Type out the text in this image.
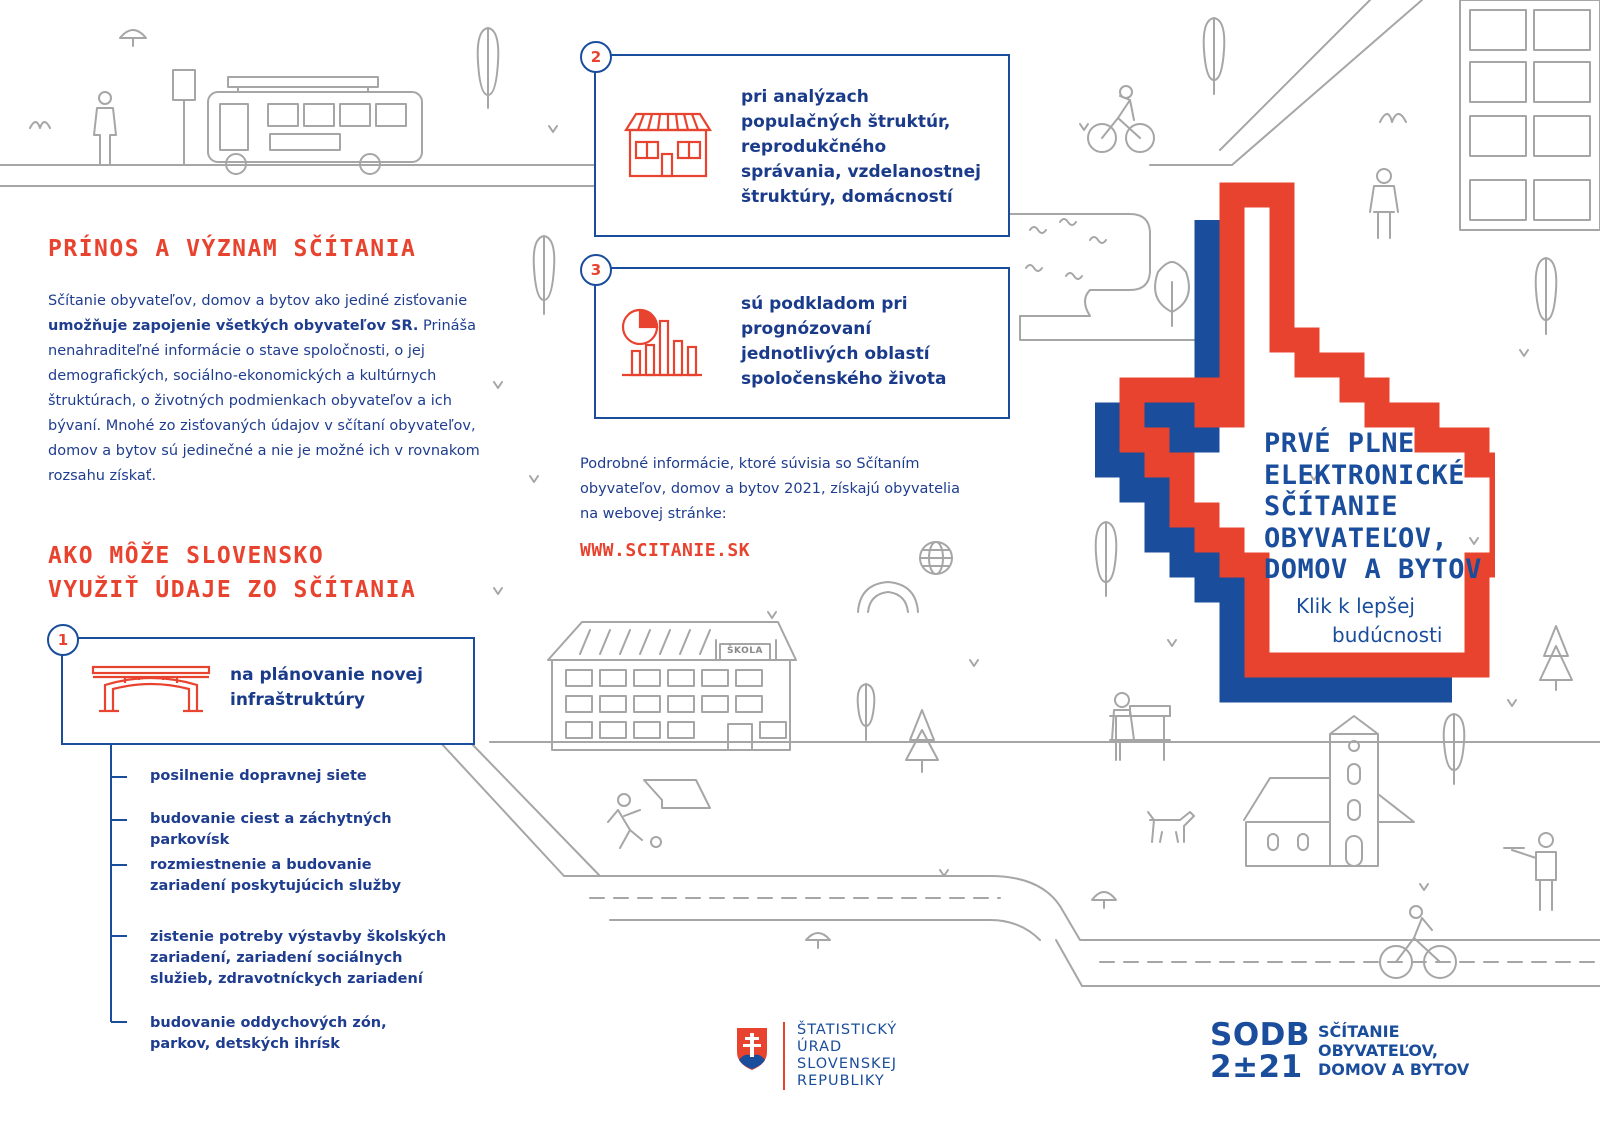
PRÍNOS A VÝZNAM SČÍTANIA
Sčítanie obyvateľov, domov a bytov ako jediné zisťovanie umožňuje zapojenie všetkých obyvateľov SR. Prináša nenahraditeľné informácie o stave spoločnosti, o jej demografických, sociálno-ekonomických a kultúrnych štruktúrach, o životných podmienkach obyvateľov a ich bývaní. Mnohé zo zisťovaných údajov v sčítaní obyvateľov, domov a bytov sú jedinečné a nie je možné ich v rovnakom rozsahu získať.
AKO MÔŽE SLOVENSKO
VYUŽIŤ ÚDAJE ZO SČÍTANIA
1
na plánovanie novej infraštruktúry
posilnenie dopravnej siete
budovanie ciest a záchytných parkovísk
rozmiestnenie a budovanie zariadení poskytujúcich služby
zistenie potreby výstavby školských zariadení, zariadení sociálnych služieb, zdravotníckych zariadení
budovanie oddychových zón, parkov, detských ihrísk
2
pri analýzach populačných štruktúr, reprodukčného správania, vzdelanostnej štruktúry, domácností
3
sú podkladom pri prognózovaní jednotlivých oblastí spoločenského života
Podrobné informácie, ktoré súvisia so Sčítaním obyvateľov, domov a bytov 2021, získajú obyvatelia na webovej stránke:
WWW.SCITANIE.SK
ŠKOLA
PRVÉ PLNE
ELEKTRONICKÉ
SČÍTANIE
OBYVATEĽOV,
DOMOV A BYTOV
Klik k lepšej
budúcnosti
ŠTATISTICKÝ
ÚRAD
SLOVENSKEJ
REPUBLIKY
SODB
2±21
SČÍTANIE
OBYVATEĽOV,
DOMOV A BYTOV
